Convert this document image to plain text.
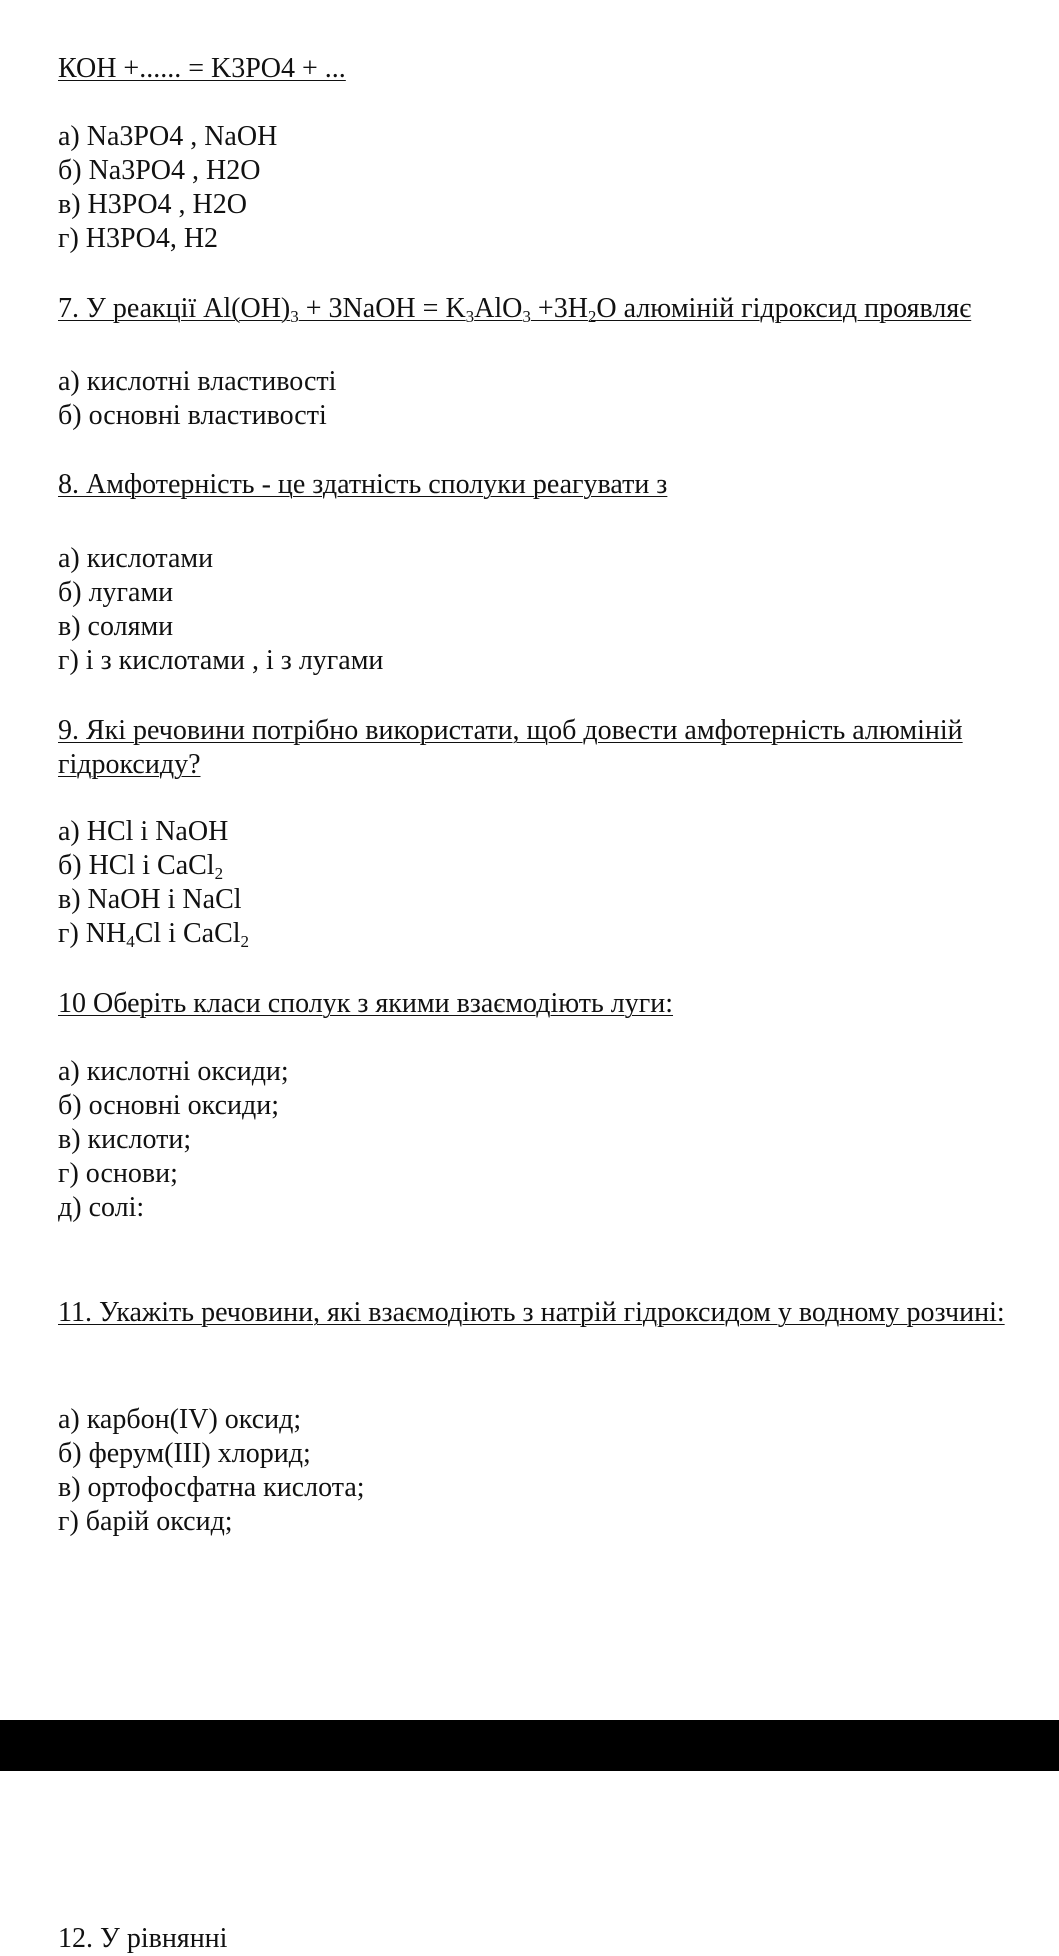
КОН +...... = K3PO4 + ...
а) Na3PO4 , NaOH
б) Na3PO4 , H2O
в) H3PO4 , H2O
г) H3PO4, H2
7. У реакції $Al(OH)_3$ + 3NaOH = $K_3AlO_3 +3H_2O$ алюміній гідроксид проявляє
а) кислотні властивості
б) основні властивості
8. Амфотерність - це здатність сполуки реагувати з
а) кислотами
б) лугами
в) солями
г) і з кислотами , і з лугами
9. Які речовини потрібно використати, щоб довести амфотерність алюміній гідроксиду?
а) HCl і NaOH
б) HCl і CaCl$_2$
в) NaOH і NaCl
г) $NH_4Cl$ і CaCl$_2$
10 Оберіть класи сполук з якими взаємодіють луги:
а) кислотні оксиди;
б) основні оксиди;
в) кислоти;
г) основи;
д) солі:
11. Укажіть речовини, які взаємодіють з натрій гідроксидом у водному розчині:
а) карбон(ІV) оксид;
б) ферум(ІІІ) хлорид;
в) ортофосфатна кислота;
г) барій оксид;
12. У рівнянні
